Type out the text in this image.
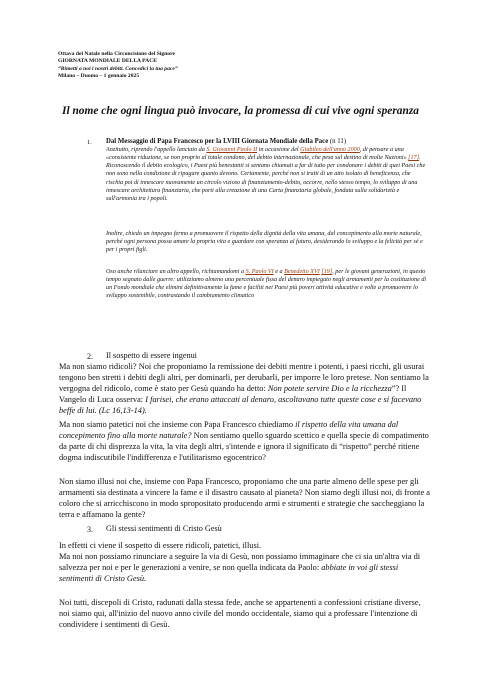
Ottava del Natale nella Circoncisione del Signore
GIORNATA MONDIALE DELLA PACE
“Rimetti a noi i nostri debiti. Concedici la tua pace”
Milano – Duomo – 1 gennaio 2025
Il nome che ogni lingua può invocare, la promessa di cui vive ogni speranza
1. Dal Messaggio di Papa Francesco per la LVIII Giornata Mondiale della Pace (n 11)

Anzitutto, riprendo l'appello lanciato da S. Giovanni Paolo II in occasione del Giubileo dell'anno 2000, di pensare a una «consistente riduzione, se non proprio al totale condono, del debito internazionale, che pesa sul destino di molte Nazioni» [17]. Riconoscendo il debito ecologico, i Paesi più benestanti si sentano chiamati a far di tutto per condonare i debiti di quei Paesi che non sono nella condizione di ripagare quanto devono. Certamente, perché non si tratti di un atto isolato di beneficenza, che rischia poi di innescare nuovamente un circolo vizioso di finanziamento-debito, occorre, nello stesso tempo, lo sviluppo di una innescare architettura finanziaria, che porti alla creazione di una Carta finanziaria globale, fondata sulla solidarietà e sull'armonia tra i popoli.

Inoltre, chiedo un impegno fermo a promuovere il rispetto della dignità della vita umana, dal concepimento alla morte naturale, perché ogni persona possa amare la propria vita e guardare con speranza al futuro, desiderando lo sviluppo e la felicità per sé e per i propri figli.

Oso anche rilanciare un altro appello, richiamandomi a S. Paolo VI e a Benedetto XVI [19], per le giovani generazioni, in questo tempo segnato dalle guerre: utilizziamo almeno una percentuale fissa del denaro impiegato negli armamenti per la costituzione di un Fondo mondiale che elimini definitivamente la fame e faciliti nei Paesi più poveri attività educative e volte a promuovere lo sviluppo sostenibile, contrastando il cambiamento climatico

2. Il sospetto di essere ingenui

Ma non siamo ridicoli? Noi che proponiamo la remissione dei debiti mentre i potenti, i paesi ricchi, gli usurai tengono ben stretti i debiti degli altri, per dominarli, per derubarli, per imporre le loro pretese. Non sentiamo la vergogna del ridicolo, come è stato per Gesù quando ha detto: Non potete servire Dio e la ricchezza”? Il Vangelo di Luca osserva: I farisei, che erano attaccati al denaro, ascoltavano tutte queste cose e si facevano beffe di lui. (Lc 16,13-14).

Ma non siamo patetici noi che insieme con Papa Francesco chiediamo il rispetto della vita umana dal concepimento fino alla morte naturale? Non sentiamo quello sguardo scettico e quella specie di compatimento da parte di chi disprezza la vita, la vita degli altri, s'intende e ignora il significato di “rispetto” perché ritiene dogma indiscutibile l'indifferenza e l'utilitarismo egocentrico?

Non siamo illusi noi che, insieme con Papa Francesco, proponiamo che una parte almeno delle spese per gli armamenti sia destinata a vincere la fame e il disastro causato al pianeta? Non siamo degli illusi noi, di fronte a coloro che si arricchiscono in modo spropositato producendo armi e strumenti e strategie che saccheggiano la terra e affamano la gente?

3. Gli stessi sentimenti di Cristo Gesù

In effetti ci viene il sospetto di essere ridicoli, patetici, illusi.
Ma noi non possiamo rinunciare a seguire la via di Gesù, non possiamo immaginare che ci sia un'altra via di salvezza per noi e per le generazioni a venire, se non quella indicata da Paolo: abbiate in voi gli stessi sentimenti di Cristo Gesù.

Noi tutti, discepoli di Cristo, radunati dalla stessa fede, anche se appartenenti a confessioni cristiane diverse, noi siamo qui, all'inizio del nuovo anno civile del mondo occidentale, siamo qui a professare l'intenzione di condividere i sentimenti di Gesù.
